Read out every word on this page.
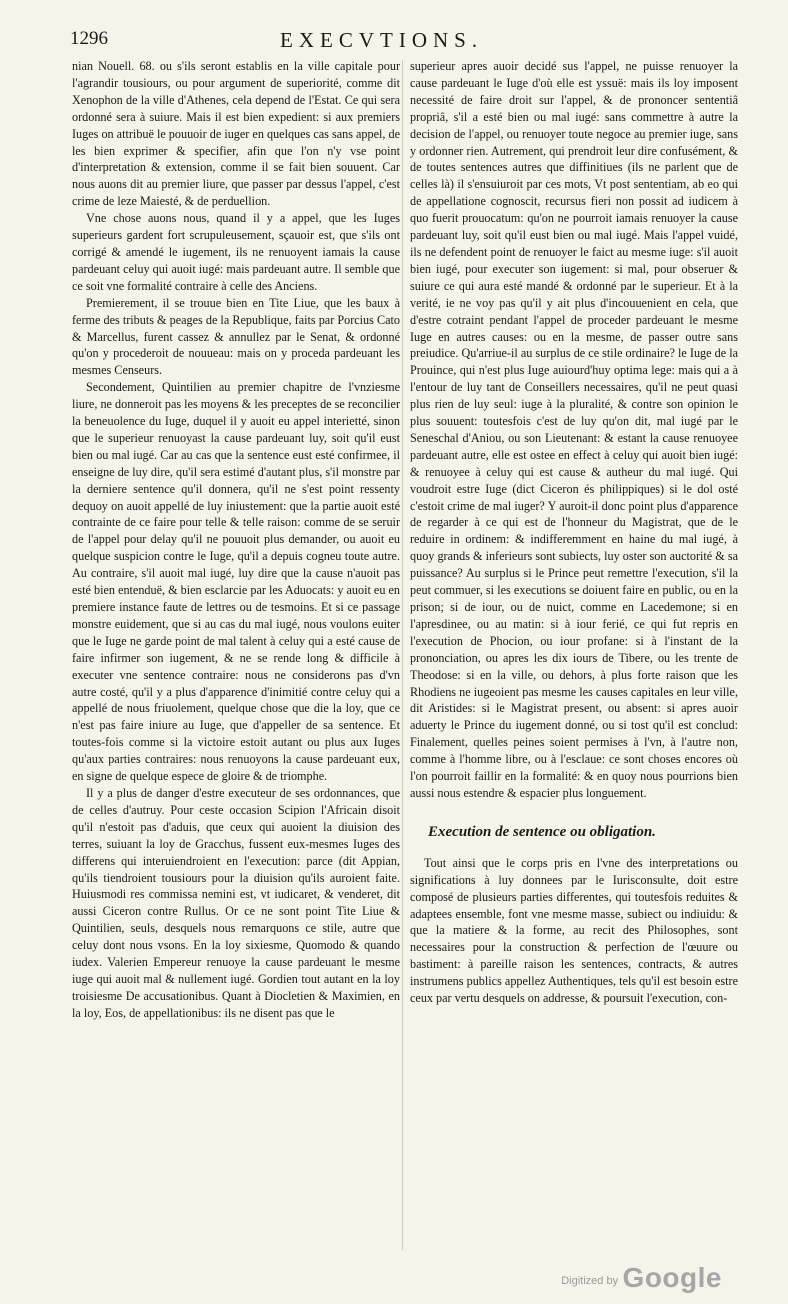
1296	EXECVTIONS.

nian Nouell. 68. ou s'ils seront establis en la ville capitale pour l'agrandir tousiours, ou pour argument de superiorité, comme dit Xenophon de la ville d'Athenes, cela depend de l'Estat. Ce qui sera ordonné sera à suiure. Mais il est bien expedient: si aux premiers Iuges on attribuë le pouuoir de iuger en quelques cas sans appel, de les bien exprimer & specifier, afin que l'on n'y vse point d'interpretation & extension, comme il se fait bien souuent. Car nous auons dit au premier liure, que passer par dessus l'appel, c'est crime de leze Maiesté, & de perduellion.

Vne chose auons nous, quand il y a appel, que les Iuges superieurs gardent fort scrupuleusement, sçauoir est, que s'ils ont corrigé & amendé le iugement, ils ne renuoyent iamais la cause pardeuant celuy qui auoit iugé: mais pardeuant autre. Il semble que ce soit vne formalité contraire à celle des Anciens.

Premierement, il se trouue bien en Tite Liue, que les baux à ferme des tributs & peages de la Republique, faits par Porcius Cato & Marcellus, furent cassez & annullez par le Senat, & ordonné qu'on y procederoit de nouueau: mais on y proceda pardeuant les mesmes Censeurs.

Secondement, Quintilien au premier chapitre de l'vnziesme liure, ne donneroit pas les moyens & les preceptes de se reconcilier la beneuolence du Iuge, duquel il y auoit eu appel interietté, sinon que le superieur renuoyast la cause pardeuant luy, soit qu'il eust bien ou mal iugé. Car au cas que la sentence eust esté confirmee, il enseigne de luy dire, qu'il sera estimé d'autant plus, s'il monstre par la derniere sentence qu'il donnera, qu'il ne s'est point ressenty dequoy on auoit appellé de luy iniustement: que la partie auoit esté contrainte de ce faire pour telle & telle raison: comme de se seruir de l'appel pour delay qu'il ne pouuoit plus demander, ou auoit eu quelque suspicion contre le Iuge, qu'il a depuis cogneu toute autre. Au contraire, s'il auoit mal iugé, luy dire que la cause n'auoit pas esté bien entenduë, & bien esclarcie par les Aduocats: y auoit eu en premiere instance faute de lettres ou de tesmoins. Et si ce passage monstre euidement, que si au cas du mal iugé, nous voulons euiter que le Iuge ne garde point de mal talent à celuy qui a esté cause de faire infirmer son iugement, & ne se rende long & difficile à executer vne sentence contraire: nous ne considerons pas d'vn autre costé, qu'il y a plus d'apparence d'inimitié contre celuy qui a appellé de nous friuolement, quelque chose que die la loy, que ce n'est pas faire iniure au Iuge, que d'appeller de sa sentence. Et toutes-fois comme si la victoire estoit autant ou plus aux Iuges qu'aux parties contraires: nous renuoyons la cause pardeuant eux, en signe de quelque espece de gloire & de triomphe.

Il y a plus de danger d'estre executeur de ses ordonnances, que de celles d'autruy. Pour ceste occasion Scipion l'Africain disoit qu'il n'estoit pas d'aduis, que ceux qui auoient la diuision des terres, suiuant la loy de Gracchus, fussent eux-mesmes Iuges des differens qui interuiendroient en l'execution: parce (dit Appian, qu'ils tiendroient tousiours pour la diuision qu'ils auroient faite. Huiusmodi res commissa nemini est, vt iudicaret, & venderet, dit aussi Ciceron contre Rullus. Or ce ne sont point Tite Liue & Quintilien, seuls, desquels nous remarquons ce stile, autre que celuy dont nous vsons. En la loy sixiesme, Quomodo & quando iudex. Valerien Empereur renuoye la cause pardeuant le mesme iuge qui auoit mal & nullement iugé. Gordien tout autant en la loy troisiesme De accusationibus. Quant à Diocletien & Maximien, en la loy, Eos, de appellationibus: ils ne disent pas que le

superieur apres auoir decidé sus l'appel, ne puisse renuoyer la cause pardeuant le Iuge d'où elle est yssuë: mais ils loy imposent necessité de faire droit sur l'appel, & de prononcer sententiâ propriâ, s'il a esté bien ou mal iugé: sans commettre à autre la decision de l'appel, ou renuoyer toute negoce au premier iuge, sans y ordonner rien. Autrement, qui prendroit leur dire confusément, & de toutes sentences autres que diffinitiues (ils ne parlent que de celles là) il s'ensuiuroit par ces mots, Vt post sententiam, ab eo qui de appellatione cognoscit, recursus fieri non possit ad iudicem à quo fuerit prouocatum: qu'on ne pourroit iamais renuoyer la cause pardeuant luy, soit qu'il eust bien ou mal iugé. Mais l'appel vuidé, ils ne defendent point de renuoyer le faict au mesme iuge: s'il auoit bien iugé, pour executer son iugement: si mal, pour obseruer & suiure ce qui aura esté mandé & ordonné par le superieur. Et à la verité, ie ne voy pas qu'il y ait plus d'incouuenient en cela, que d'estre cotraint pendant l'appel de proceder pardeuant le mesme Iuge en autres causes: ou en la mesme, de passer outre sans preiudice. Qu'arriue-il au surplus de ce stile ordinaire? le Iuge de la Prouince, qui n'est plus Iuge auiourd'huy optima lege: mais qui a à l'entour de luy tant de Conseillers necessaires, qu'il ne peut quasi plus rien de luy seul: iuge à la pluralité, & contre son opinion le plus souuent: toutesfois c'est de luy qu'on dit, mal iugé par le Seneschal d'Aniou, ou son Lieutenant: & estant la cause renuoyee pardeuant autre, elle est ostee en effect à celuy qui auoit bien iugé: & renuoyee à celuy qui est cause & autheur du mal iugé. Qui voudroit estre Iuge (dict Ciceron és philippiques) si le dol osté c'estoit crime de mal iuger? Y auroit-il donc point plus d'apparence de regarder à ce qui est de l'honneur du Magistrat, que de le reduire in ordinem: & indifferemment en haine du mal iugé, à quoy grands & inferieurs sont subiects, luy oster son auctorité & sa puissance? Au surplus si le Prince peut remettre l'execution, s'il la peut commuer, si les executions se doiuent faire en public, ou en la prison; si de iour, ou de nuict, comme en Lacedemone; si en l'apresdinee, ou au matin: si à iour ferié, ce qui fut repris en l'execution de Phocion, ou iour profane: si à l'instant de la prononciation, ou apres les dix iours de Tibere, ou les trente de Theodose: si en la ville, ou dehors, à plus forte raison que les Rhodiens ne iugeoient pas mesme les causes capitales en leur ville, dit Aristides: si le Magistrat present, ou absent: si apres auoir aduerty le Prince du iugement donné, ou si tost qu'il est conclud: Finalement, quelles peines soient permises à l'vn, à l'autre non, comme à l'homme libre, ou à l'esclaue: ce sont choses encores où l'on pourroit faillir en la formalité: & en quoy nous pourrions bien aussi nous estendre & espacier plus longuement.

Execution de sentence ou obligation.

Tout ainsi que le corps pris en l'vne des interpretations ou significations à luy donnees par le Iurisconsulte, doit estre composé de plusieurs parties differentes, qui toutesfois reduites & adaptees ensemble, font vne mesme masse, subiect ou indiuidu: & que la matiere & la forme, au recit des Philosophes, sont necessaires pour la construction & perfection de l'œuure ou bastiment: à pareille raison les sentences, contracts, & autres instrumens publics appellez Authentiques, tels qu'il est besoin estre ceux par vertu desquels on addresse, & poursuit l'execution, con-

Digitized by Google
